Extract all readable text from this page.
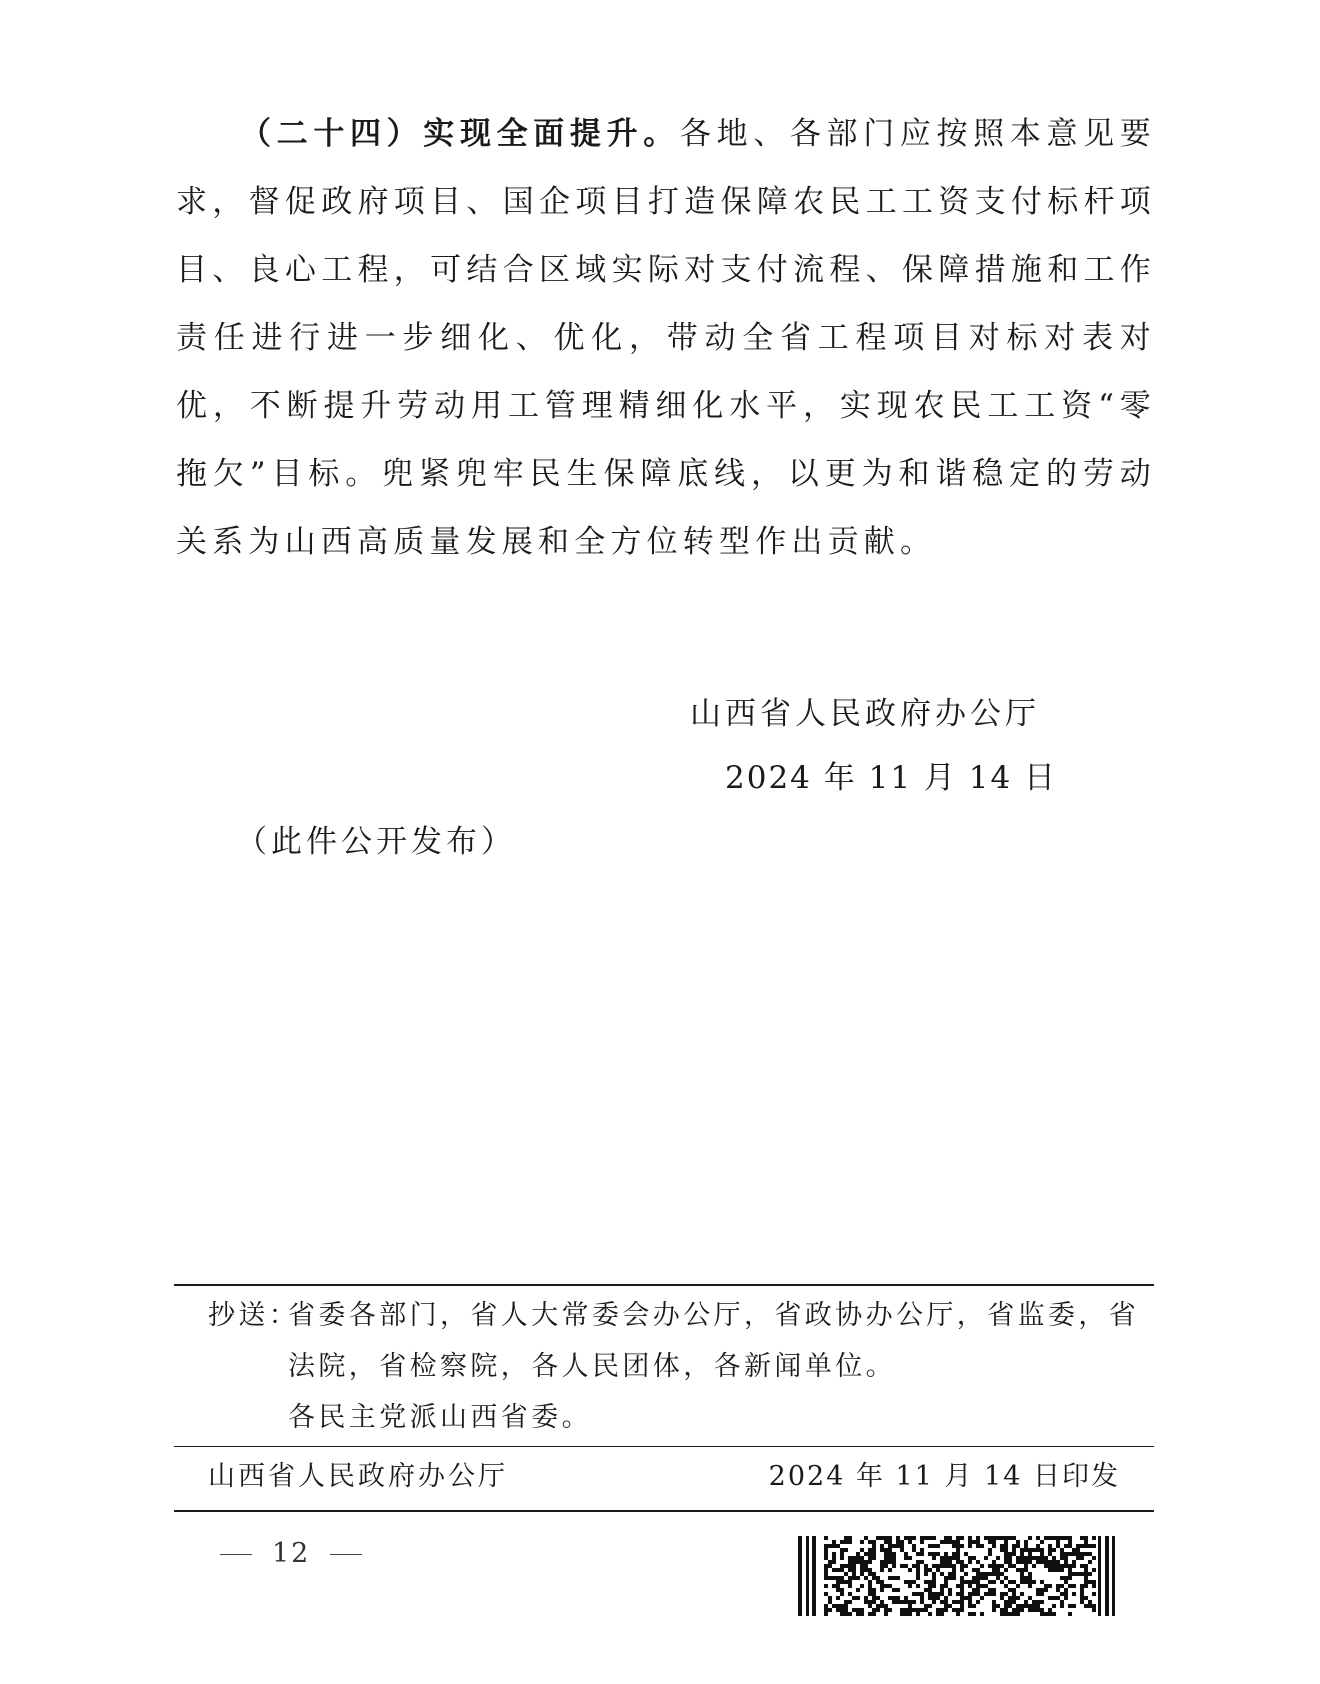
（二十四）实现全面提升。各地、各部门应按照本意见要求，督促政府项目、国企项目打造保障农民工工资支付标杆项目、良心工程，可结合区域实际对支付流程、保障措施和工作责任进行进一步细化、优化，带动全省工程项目对标对表对优，不断提升劳动用工管理精细化水平，实现农民工工资“零拖欠”目标。兜紧兜牢民生保障底线，以更为和谐稳定的劳动关系为山西高质量发展和全方位转型作出贡献。

山西省人民政府办公厅
2024 年 11 月 14 日
（此件公开发布）
抄送：
省委各部门，省人大常委会办公厅，省政协办公厅，省监委，省
法院，省检察院，各人民团体，各新闻单位。
各民主党派山西省委。
山西省人民政府办公厅	2024 年 11 月 14 日印发
12
